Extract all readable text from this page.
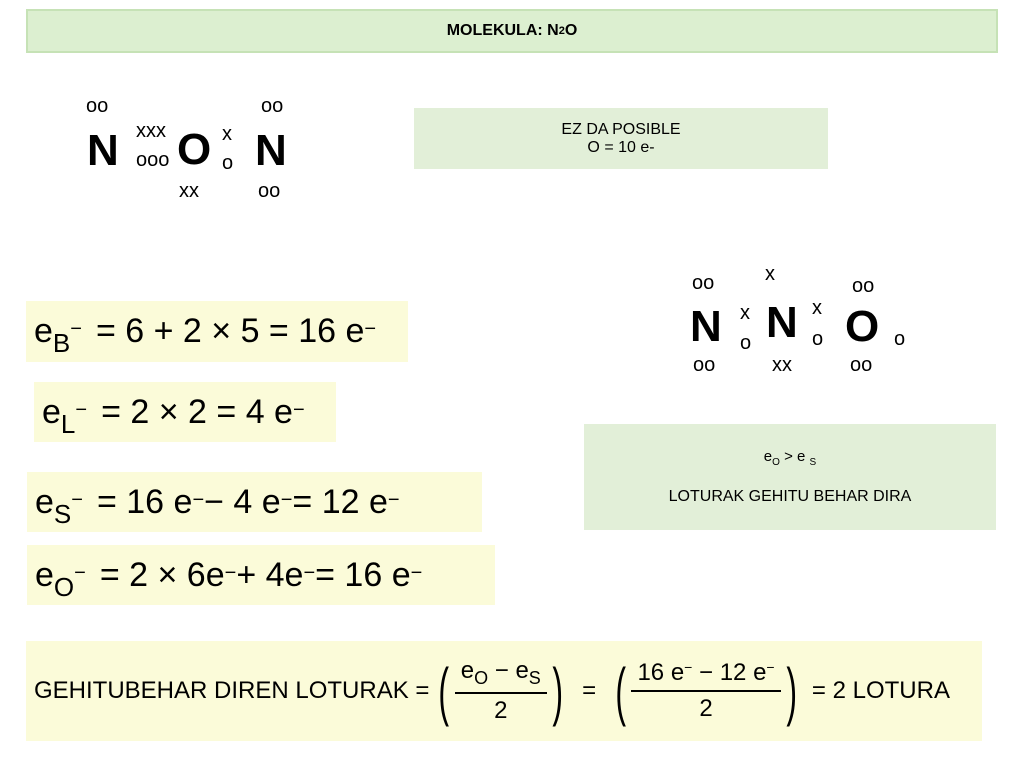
MOLEKULA: N 2 O
oo
N xxx
ooo O
xx
x
o
oo
N
oo
EZ DA POSIBLE
O = 10 e-
oo
N
oo
x
o
x
N
xx
x
o
oo
O
oo
o
$e_O > e$ $_S$
LOTURAK GEHITU BEHAR DIRA
e B− = 6 + 2 × 5 = 16 e−
e L− = 2 × 2 = 4 e−
e S− = 16 e− − 4 e− = 12 e−
e O− = 2 × 6e− + 4e− = 16 e−
GEHITUBEHAR DIREN LOTURAK = ( $\frac{e_O - e_S}{2}$ ) = ( $\frac{16 e^- - 12 e^-}{2}$ ) = 2 LOTURA
